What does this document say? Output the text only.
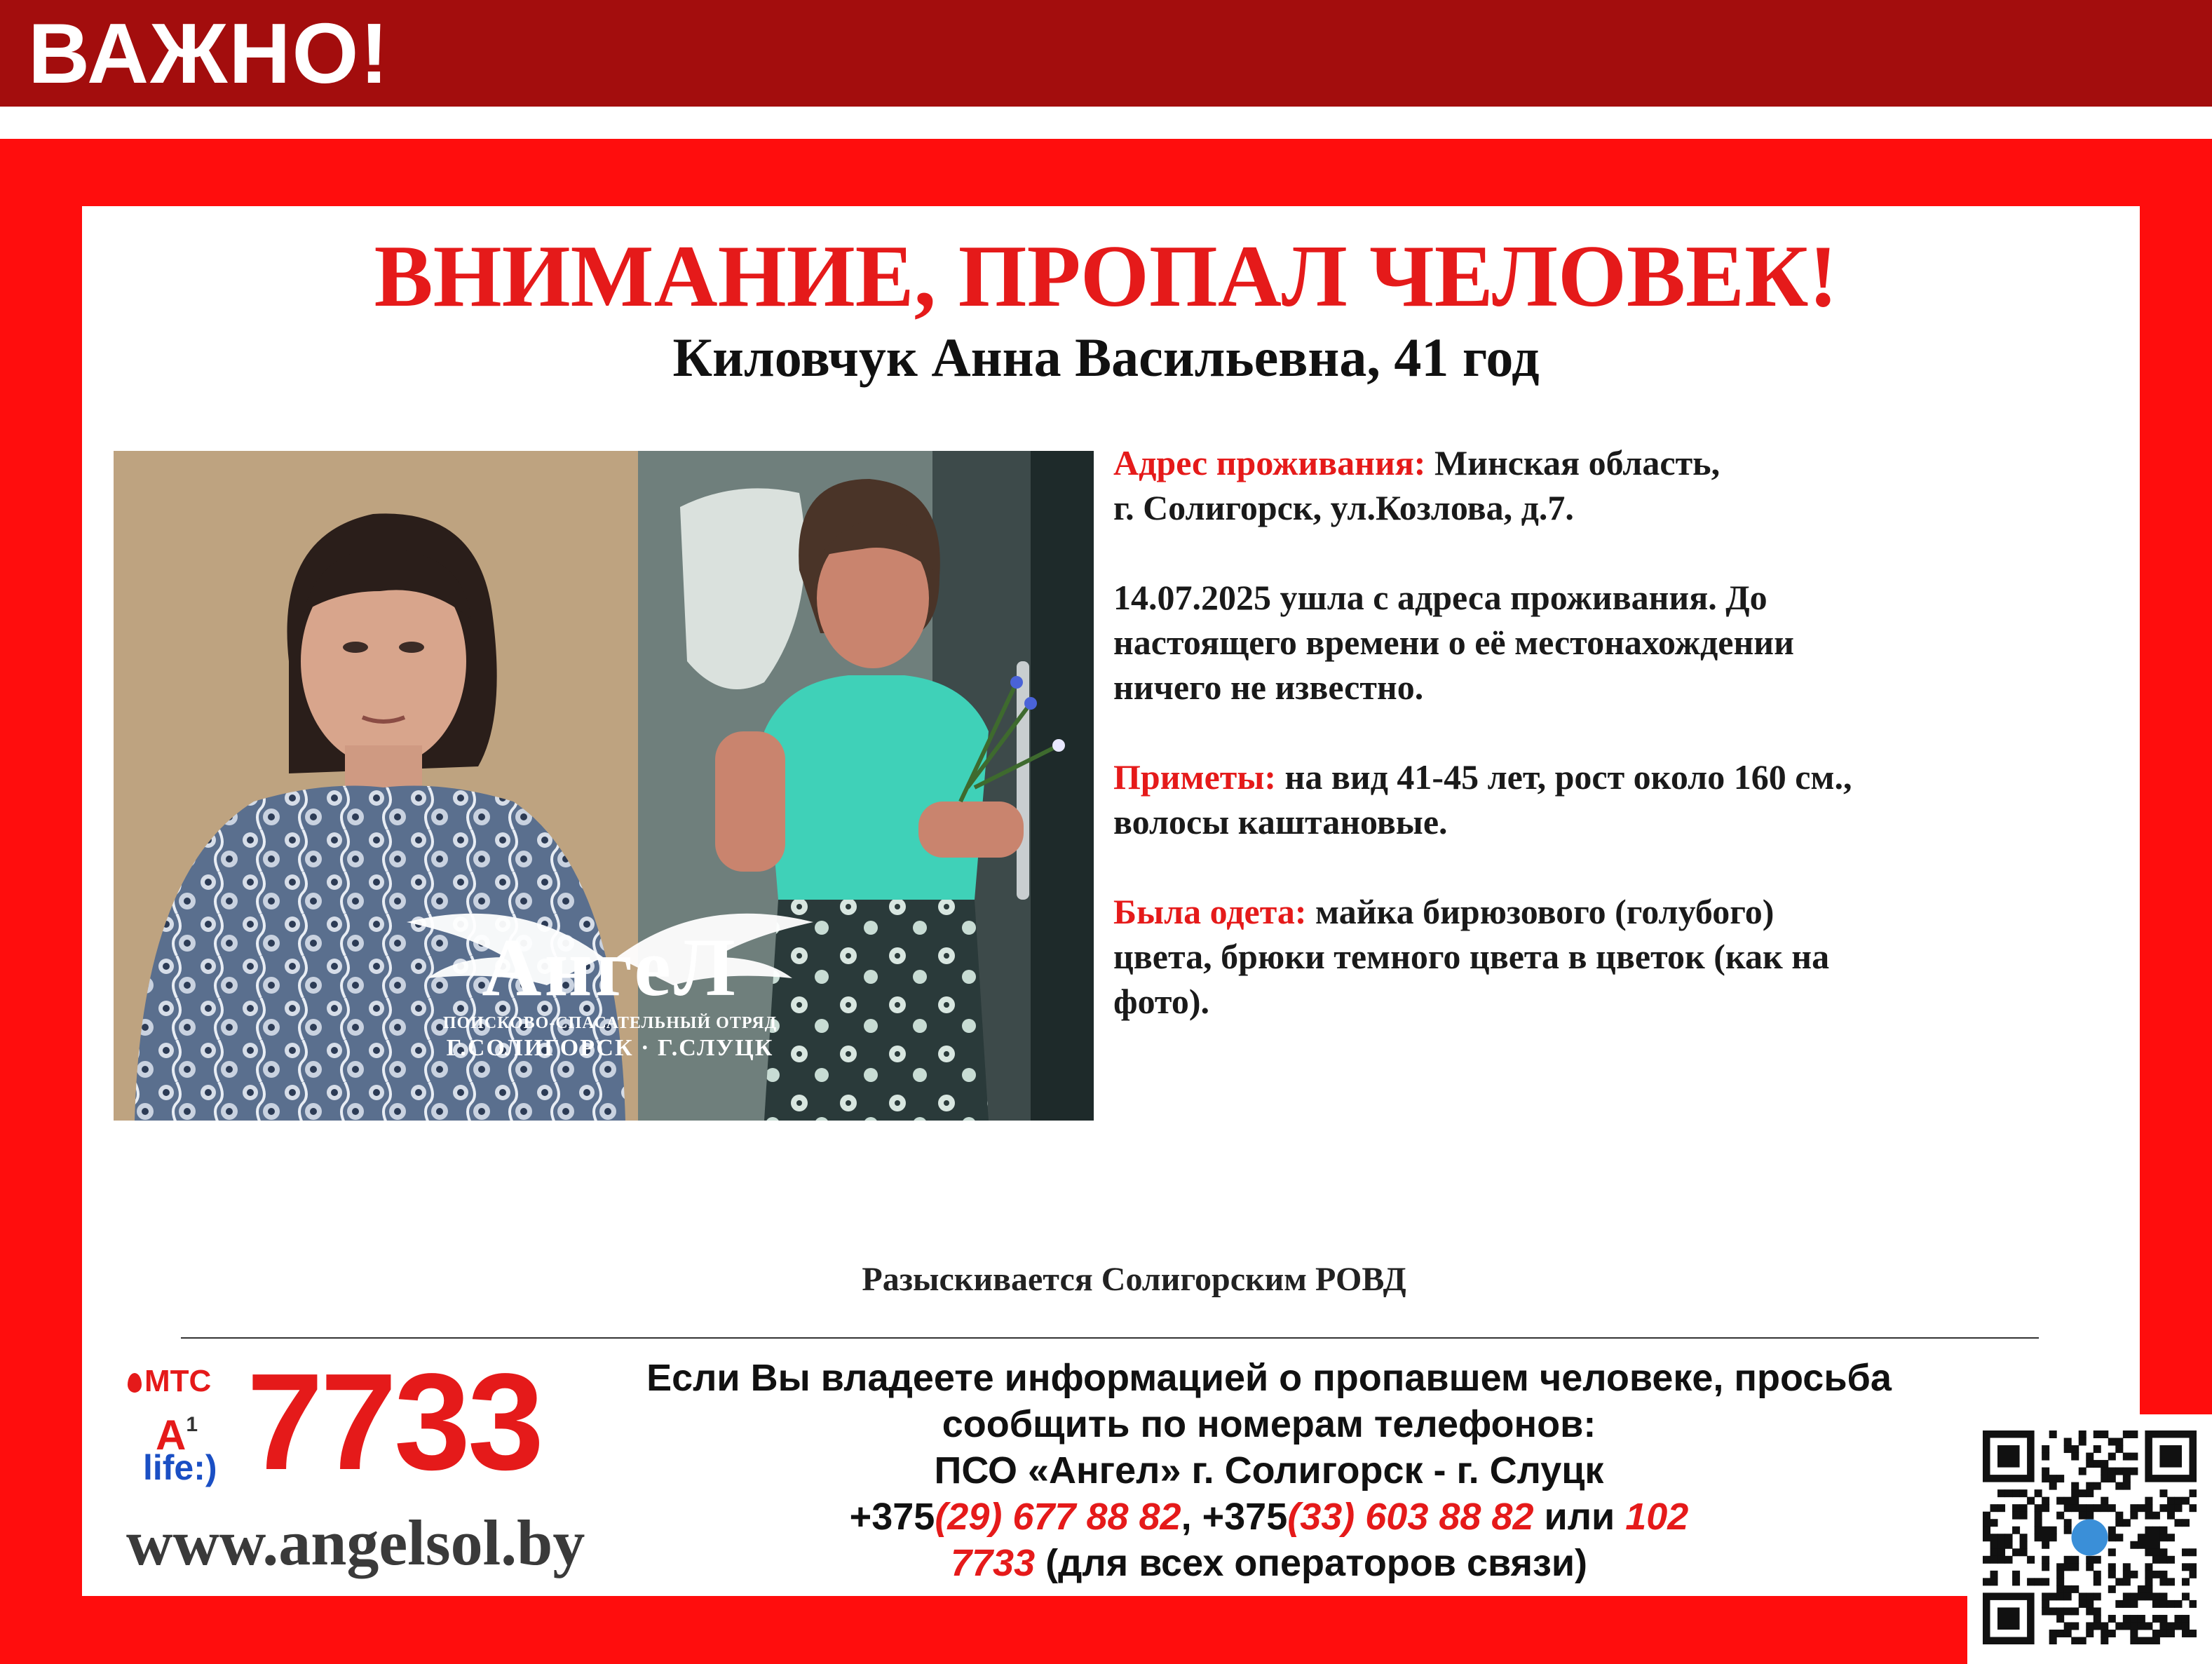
ВАЖНО!
ВНИМАНИЕ, ПРОПАЛ ЧЕЛОВЕК!
Киловчук Анна Васильевна, 41 год
АнгеЛ
ПОИСКОВО-СПАСАТЕЛЬНЫЙ ОТРЯД
Г.СОЛИГОРСК · Г.СЛУЦК

Адрес проживания: Минская область,
г. Солигорск, ул.Козлова, д.7.

14.07.2025 ушла с адреса проживания. До
настоящего времени о её местонахождении
ничего не известно.

Приметы: на вид 41-45 лет, рост около 160 см.,
волосы каштановые.

Была одета: майка бирюзового (голубого)
цвета, брюки темного цвета в цветок (как на
фото).

Разыскивается Солигорским РОВД
МТС
$A^1$
life:) 7733
www.angelsol.by
Если Вы владеете информацией о пропавшем человеке, просьба
сообщить по номерам телефонов:
ПСО «Ангел» г. Солигорск - г. Слуцк
+375(29) 677 88 82, +375(33) 603 88 82 или 102
7733 (для всех операторов связи)
